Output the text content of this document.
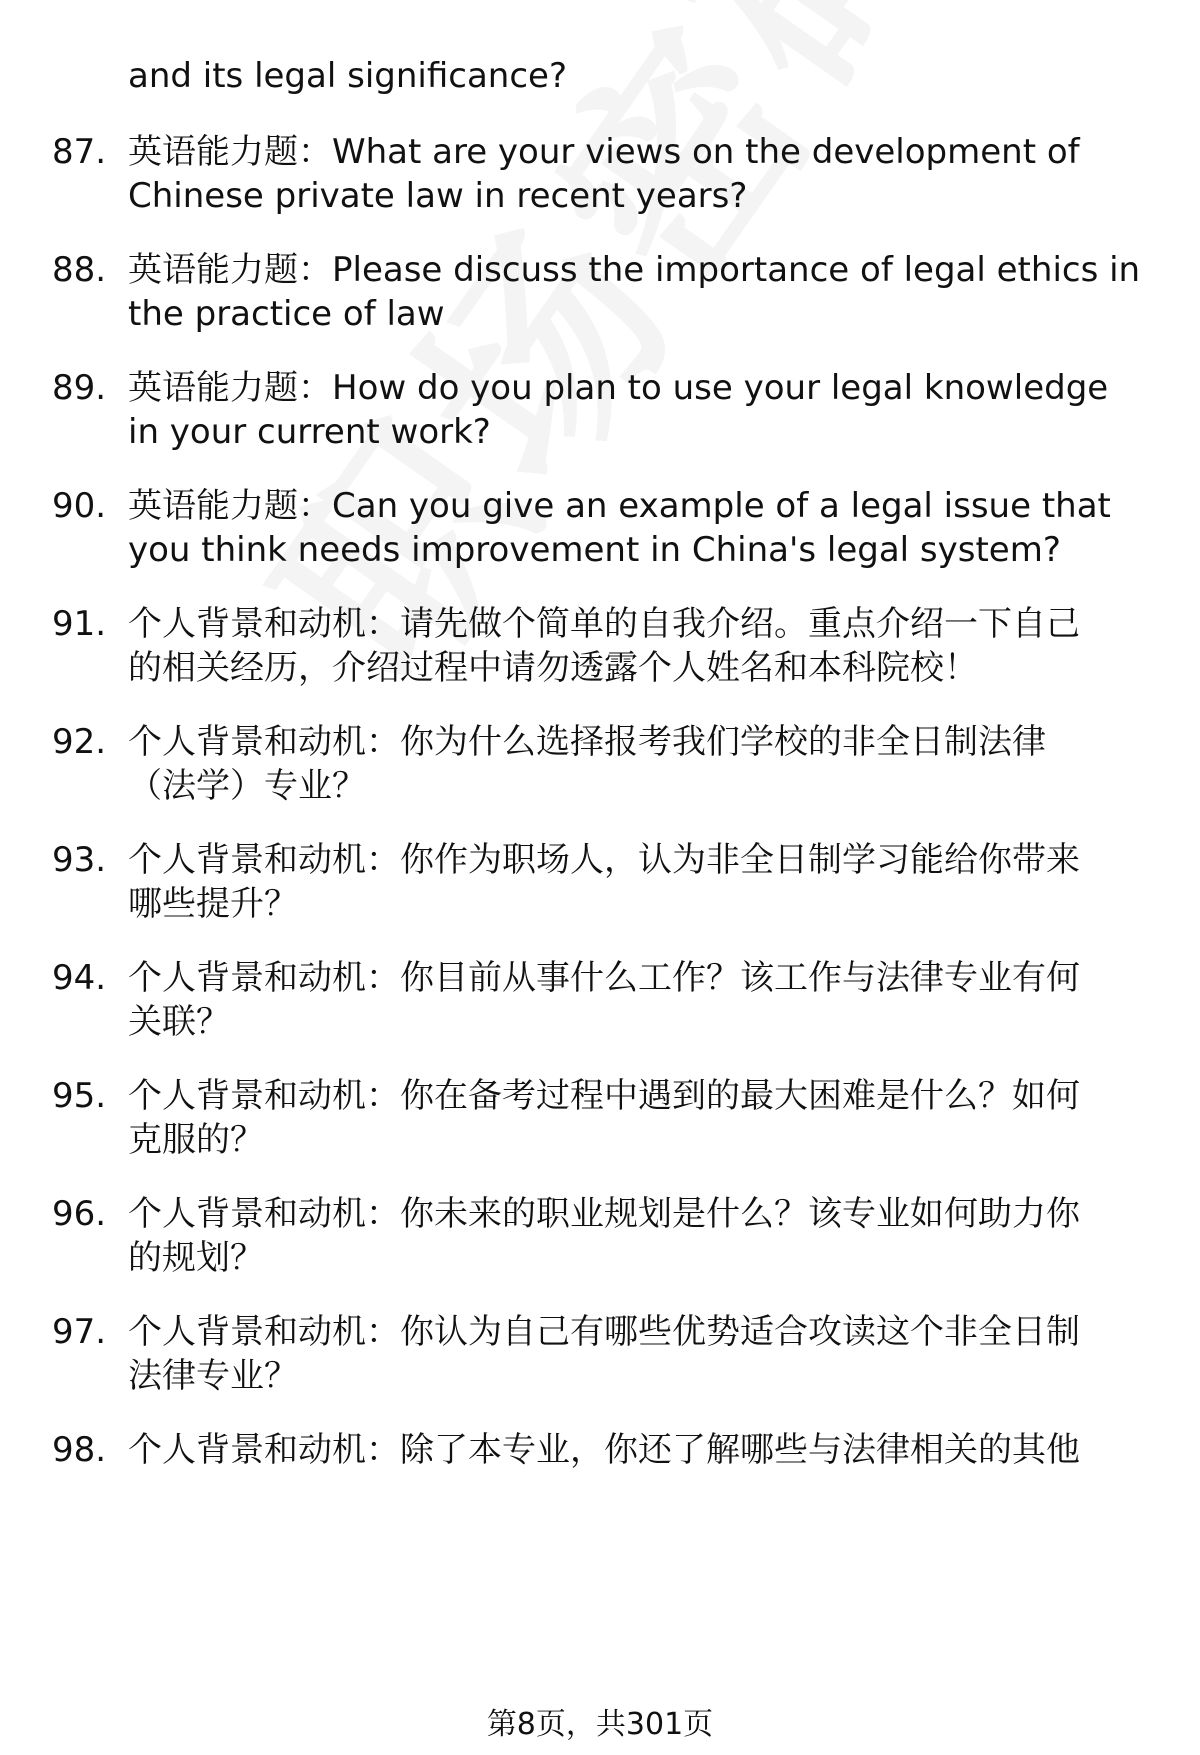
and its legal significance?
87. 英语能力题：What are your views on the development of
Chinese private law in recent years?
88. 英语能力题：Please discuss the importance of legal ethics in
the practice of law
89. 英语能力题：How do you plan to use your legal knowledge
in your current work?
90. 英语能力题：Can you give an example of a legal issue that
you think needs improvement in China's legal system?
91. 个人背景和动机：请先做个简单的自我介绍。重点介绍一下自己
的相关经历，介绍过程中请勿透露个人姓名和本科院校！
92. 个人背景和动机：你为什么选择报考我们学校的非全日制法律
（法学）专业？
93. 个人背景和动机：你作为职场人，认为非全日制学习能给你带来
哪些提升？
94. 个人背景和动机：你目前从事什么工作？该工作与法律专业有何
关联？
95. 个人背景和动机：你在备考过程中遇到的最大困难是什么？如何
克服的？
96. 个人背景和动机：你未来的职业规划是什么？该专业如何助力你
的规划？
97. 个人背景和动机：你认为自己有哪些优势适合攻读这个非全日制
法律专业？
98. 个人背景和动机：除了本专业，你还了解哪些与法律相关的其他
第8页，共301页
